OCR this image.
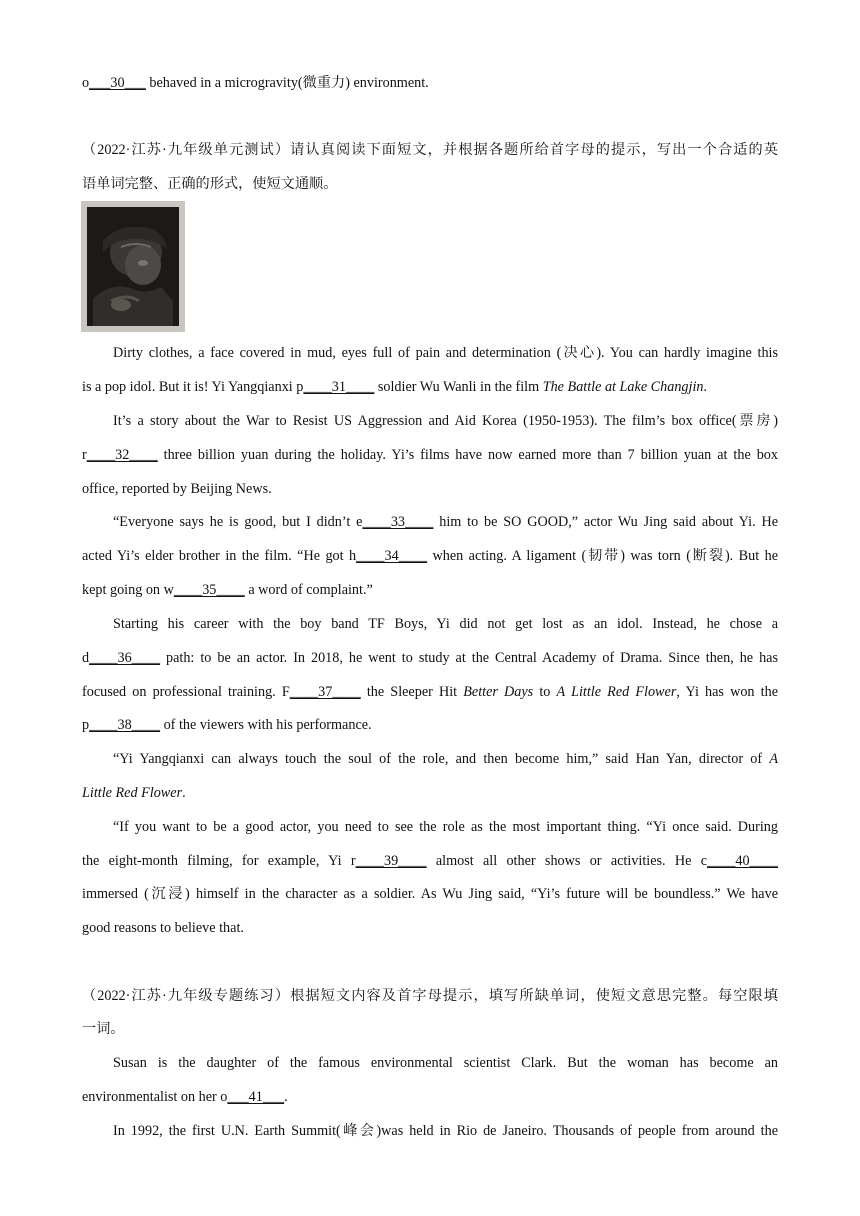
o___30___ behaved in a microgravity(微重力) environment.
（2022·江苏·九年级单元测试）请认真阅读下面短文，并根据各题所给首字母的提示，写出一个合适的英
语单词完整、正确的形式，使短文通顺。
Dirty clothes, a face covered in mud, eyes full of pain and determination (决心). You can hardly imagine this
is a pop idol. But it is! Yi Yangqianxi p____31____ soldier Wu Wanli in the film The Battle at Lake Changjin.
It’s a story about the War to Resist US Aggression and Aid Korea (1950-1953). The film’s box office(票房)
r____32____ three billion yuan during the holiday. Yi’s films have now earned more than 7 billion yuan at the box
office, reported by Beijing News.
“Everyone says he is good, but I didn’t e____33____ him to be SO GOOD,” actor Wu Jing said about Yi. He
acted Yi’s elder brother in the film. “He got h____34____ when acting. A ligament (韧带) was torn (断裂). But he
kept going on w____35____ a word of complaint.”
Starting his career with the boy band TF Boys, Yi did not get lost as an idol. Instead, he chose a
d____36____ path: to be an actor. In 2018, he went to study at the Central Academy of Drama. Since then, he has
focused on professional training. F____37____ the Sleeper Hit Better Days to A Little Red Flower, Yi has won the
p____38____ of the viewers with his performance.
“Yi Yangqianxi can always touch the soul of the role, and then become him,” said Han Yan, director of A
Little Red Flower.
“If you want to be a good actor, you need to see the role as the most important thing. “Yi once said. During
the eight-month filming, for example, Yi r____39____ almost all other shows or activities. He c____40____
immersed (沉浸) himself in the character as a soldier. As Wu Jing said, “Yi’s future will be boundless.” We have
good reasons to believe that.
（2022·江苏·九年级专题练习）根据短文内容及首字母提示，填写所缺单词，使短文意思完整。每空限填
一词。
Susan is the daughter of the famous environmental scientist Clark. But the woman has become an
environmentalist on her o___41___.
In 1992, the first U.N. Earth Summit(峰会)was held in Rio de Janeiro. Thousands of people from around the
